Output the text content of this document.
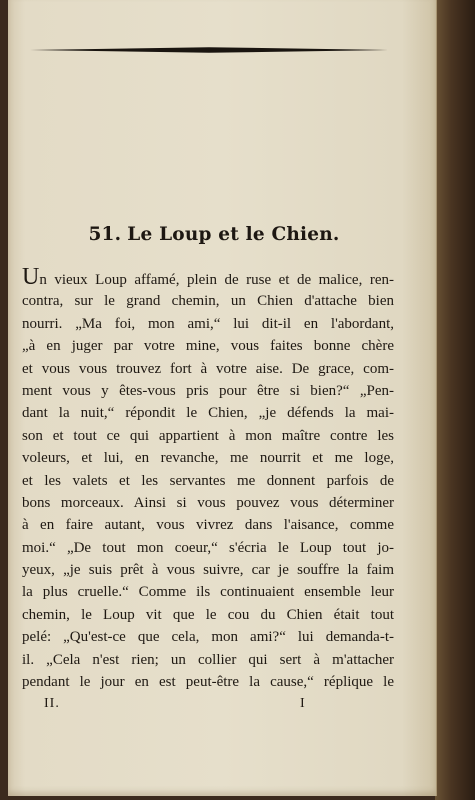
51. Le Loup et le Chien.
Un vieux Loup affamé, plein de ruse et de malice, ren-
contra, sur le grand chemin, un Chien d'attache bien
nourri. „Ma foi, mon ami,“ lui dit-il en l'abordant,
„à en juger par votre mine, vous faites bonne chère
et vous vous trouvez fort à votre aise. De grace, com-
ment vous y êtes-vous pris pour être si bien?“ „Pen-
dant la nuit,“ répondit le Chien, „je défends la mai-
son et tout ce qui appartient à mon maître contre les
voleurs, et lui, en revanche, me nourrit et me loge,
et les valets et les servantes me donnent parfois de
bons morceaux. Ainsi si vous pouvez vous déterminer
à en faire autant, vous vivrez dans l'aisance, comme
moi.“ „De tout mon coeur,“ s'écria le Loup tout jo-
yeux, „je suis prêt à vous suivre, car je souffre la faim
la plus cruelle.“ Comme ils continuaient ensemble leur
chemin, le Loup vit que le cou du Chien était tout
pelé: „Qu'est-ce que cela, mon ami?“ lui demanda-t-
il. „Cela n'est rien; un collier qui sert à m'attacher
pendant le jour en est peut-être la cause,“ réplique le
II.	I
